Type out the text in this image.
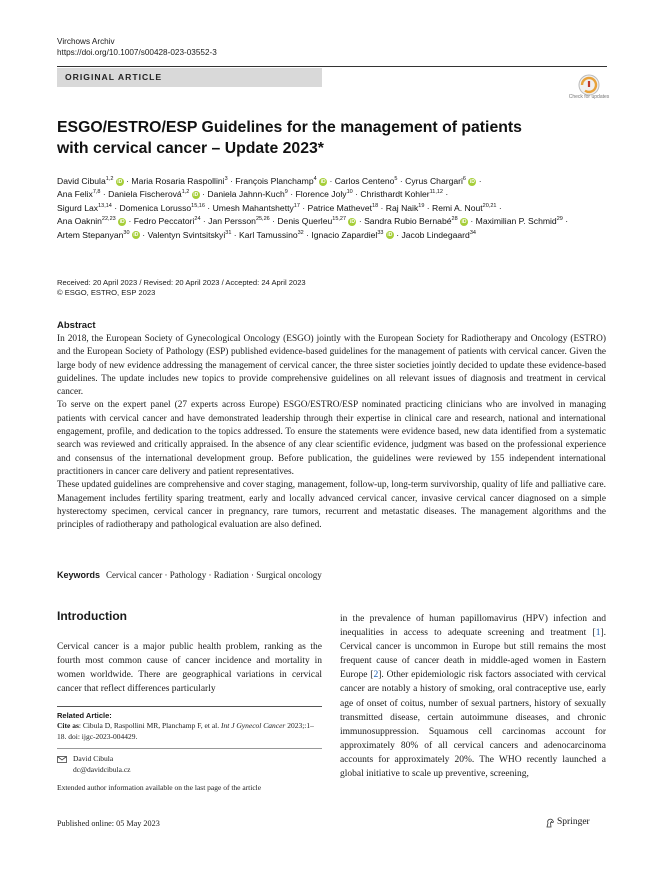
Virchows Archiv
https://doi.org/10.1007/s00428-023-03552-3
ORIGINAL ARTICLE
Check for updates
ESGO/ESTRO/ESP Guidelines for the management of patients
with cervical cancer – Update 2023*
David Cibula$^{1,2}$ iD · Maria Rosaria Raspollini$^3$ · François Planchamp$^4$ iD · Carlos Centeno$^5$ · Cyrus Chargari$^6$ iD ·
Ana Felix$^{7,8}$ · Daniela Fischerová$^{1,2}$ iD · Daniela Jahnn-Kuch$^9$ · Florence Joly$^{10}$ · Christhardt Kohler$^{11,12}$ ·
Sigurd Lax$^{13,14}$ · Domenica Lorusso$^{15,16}$ · Umesh Mahantshetty$^{17}$ · Patrice Mathevet$^{18}$ · Raj Naik$^{19}$ · Remi A. Nout$^{20,21}$ ·
Ana Oaknin$^{22,23}$ iD · Fedro Peccatori$^{24}$ · Jan Persson$^{25,26}$ · Denis Querleu$^{15,27}$ iD · Sandra Rubio Bernabé$^{28}$ iD · Maximilian P. Schmid$^{29}$ ·
Artem Stepanyan$^{30}$ iD · Valentyn Svintsitskyi$^{31}$ · Karl Tamussino$^{32}$ · Ignacio Zapardiel$^{33}$ iD · Jacob Lindegaard$^{34}$
Received: 20 April 2023 / Revised: 20 April 2023 / Accepted: 24 April 2023
© ESGO, ESTRO, ESP 2023
Abstract

In 2018, the European Society of Gynecological Oncology (ESGO) jointly with the European Society for Radiotherapy and Oncology (ESTRO) and the European Society of Pathology (ESP) published evidence-based guidelines for the management of patients with cervical cancer. Given the large body of new evidence addressing the management of cervical cancer, the three sister societies jointly decided to update these evidence-based guidelines. The update includes new topics to provide comprehensive guidelines on all relevant issues of diagnosis and treatment in cervical cancer.

To serve on the expert panel (27 experts across Europe) ESGO/ESTRO/ESP nominated practicing clinicians who are involved in managing patients with cervical cancer and have demonstrated leadership through their expertise in clinical care and research, national and international engagement, profile, and dedication to the topics addressed. To ensure the statements were evidence based, new data identified from a systematic search was reviewed and critically appraised. In the absence of any clear scientific evidence, judgment was based on the professional experience and consensus of the international development group. Before publication, the guidelines were reviewed by 155 independent international practitioners in cancer care delivery and patient representatives.

These updated guidelines are comprehensive and cover staging, management, follow-up, long-term survivorship, quality of life and palliative care. Management includes fertility sparing treatment, early and locally advanced cervical cancer, invasive cervical cancer diagnosed on a simple hysterectomy specimen, cervical cancer in pregnancy, rare tumors, recurrent and metastatic diseases. The management algorithms and the principles of radiotherapy and pathological evaluation are also defined.

Keywords Cervical cancer · Pathology · Radiation · Surgical oncology
Introduction

Cervical cancer is a major public health problem, ranking as the fourth most common cause of cancer incidence and mortality in women worldwide. There are geographical variations in cervical cancer that reflect differences particularly

in the prevalence of human papillomavirus (HPV) infection and inequalities in access to adequate screening and treatment [1]. Cervical cancer is uncommon in Europe but still remains the most frequent cause of cancer death in middle-aged women in Eastern Europe [2]. Other epidemiologic risk factors associated with cervical cancer are notably a history of smoking, oral contraceptive use, early age of onset of coitus, number of sexual partners, history of sexually transmitted disease, certain autoimmune diseases, and chronic immunosuppression. Squamous cell carcinomas account for approximately 80% of all cervical cancers and adenocarcinoma accounts for approximately 20%. The WHO recently launched a global initiative to scale up preventive, screening,

Related Article:
Cite as: Cibula D, Raspollini MR, Planchamp F, et al. Int J Gynecol Cancer 2023;:1–18. doi: ijgc-2023-004429.
David Cibula
dc@davidcibula.cz
Extended author information available on the last page of the article
Published online: 05 May 2023	Springer
